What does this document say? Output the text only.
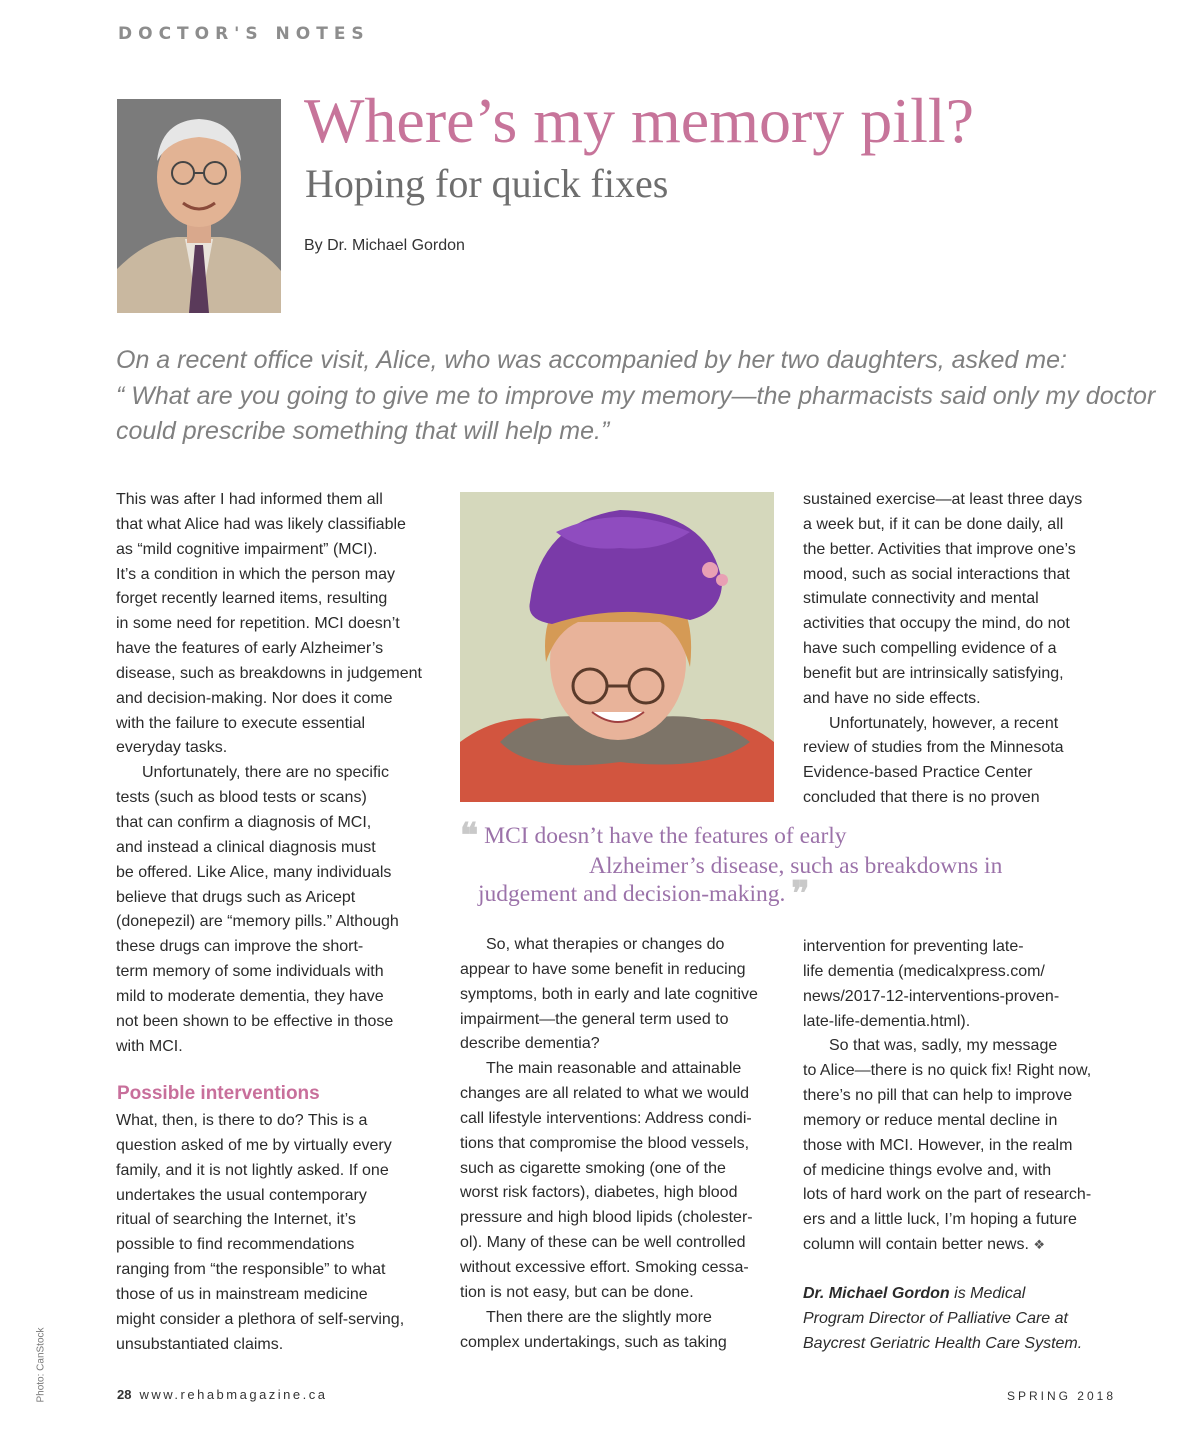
DOCTOR'S NOTES
Where’s my memory pill?
Hoping for quick fixes
By Dr. Michael Gordon
On a recent office visit, Alice, who was accompanied by her two daughters, asked me:
“ What are you going to give me to improve my memory—the pharmacists said only my doctor
could prescribe something that will help me.”
This was after I had informed them all
that what Alice had was likely classifiable
as “mild cognitive impairment” (MCI).
It’s a condition in which the person may
forget recently learned items, resulting
in some need for repetition. MCI doesn’t
have the features of early Alzheimer’s
disease, such as breakdowns in judgement
and decision-making. Nor does it come
with the failure to execute essential
everyday tasks.
Unfortunately, there are no specific
tests (such as blood tests or scans)
that can confirm a diagnosis of MCI,
and instead a clinical diagnosis must
be offered. Like Alice, many individuals
believe that drugs such as Aricept
(donepezil) are “memory pills.” Although
these drugs can improve the short-
term memory of some individuals with
mild to moderate dementia, they have
not been shown to be effective in those
with MCI.
Possible interventions
What, then, is there to do? This is a
question asked of me by virtually every
family, and it is not lightly asked. If one
undertakes the usual contemporary
ritual of searching the Internet, it’s
possible to find recommendations
ranging from “the responsible” to what
those of us in mainstream medicine
might consider a plethora of self-serving,
unsubstantiated claims.
❝ MCI doesn’t have the features of early
Alzheimer’s disease, such as breakdowns in
judgement and decision-making. ❞
So, what therapies or changes do
appear to have some benefit in reducing
symptoms, both in early and late cognitive
impairment—the general term used to
describe dementia?
The main reasonable and attainable
changes are all related to what we would
call lifestyle interventions: Address condi-
tions that compromise the blood vessels,
such as cigarette smoking (one of the
worst risk factors), diabetes, high blood
pressure and high blood lipids (cholester-
ol). Many of these can be well controlled
without excessive effort. Smoking cessa-
tion is not easy, but can be done.
Then there are the slightly more
complex undertakings, such as taking
sustained exercise—at least three days
a week but, if it can be done daily, all
the better. Activities that improve one’s
mood, such as social interactions that
stimulate connectivity and mental
activities that occupy the mind, do not
have such compelling evidence of a
benefit but are intrinsically satisfying,
and have no side effects.
Unfortunately, however, a recent
review of studies from the Minnesota
Evidence-based Practice Center
concluded that there is no proven
intervention for preventing late-
life dementia (medicalxpress.com/
news/2017-12-interventions-proven-
late-life-dementia.html).
So that was, sadly, my message
to Alice—there is no quick fix! Right now,
there’s no pill that can help to improve
memory or reduce mental decline in
those with MCI. However, in the realm
of medicine things evolve and, with
lots of hard work on the part of research-
ers and a little luck, I’m hoping a future
column will contain better news. ❖
Dr. Michael Gordon is Medical
Program Director of Palliative Care at
Baycrest Geriatric Health Care System.
Photo: CanStock	28 www.rehabmagazine.ca	SPRING 2018
